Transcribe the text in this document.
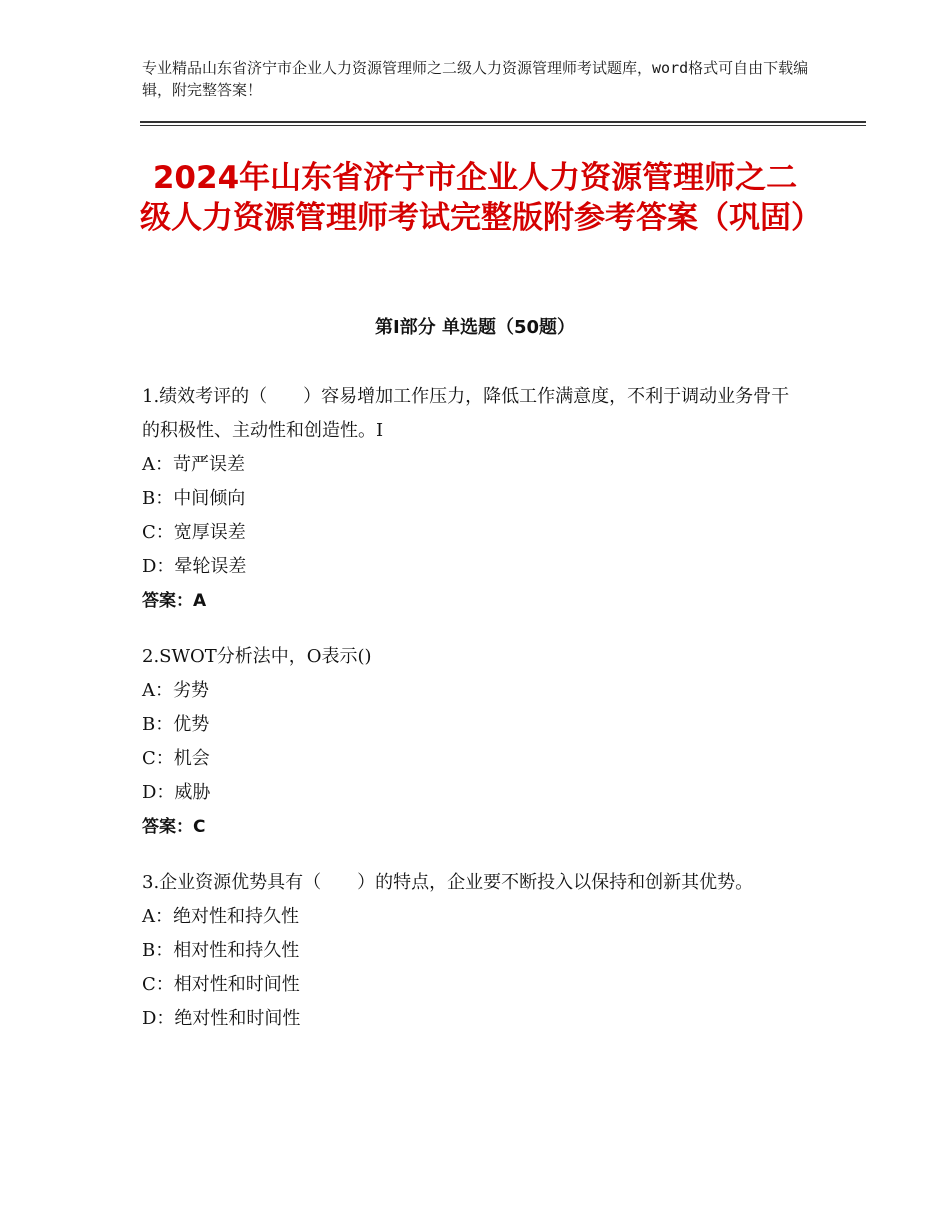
专业精品山东省济宁市企业人力资源管理师之二级人力资源管理师考试题库，word格式可自由下载编辑，附完整答案！
2024年山东省济宁市企业人力资源管理师之二级人力资源管理师考试完整版附参考答案（巩固）
第Ⅰ部分 单选题（50题）

1.绩效考评的（　　）容易增加工作压力，降低工作满意度，不利于调动业务骨干的积极性、主动性和创造性。I

A：苛严误差
B：中间倾向
C：宽厚误差
D：晕轮误差
答案：A

2.SWOT分析法中，O表示()

A：劣势
B：优势
C：机会
D：威胁
答案：C

3.企业资源优势具有（　　）的特点，企业要不断投入以保持和创新其优势。

A：绝对性和持久性
B：相对性和持久性
C：相对性和时间性
D：绝对性和时间性
